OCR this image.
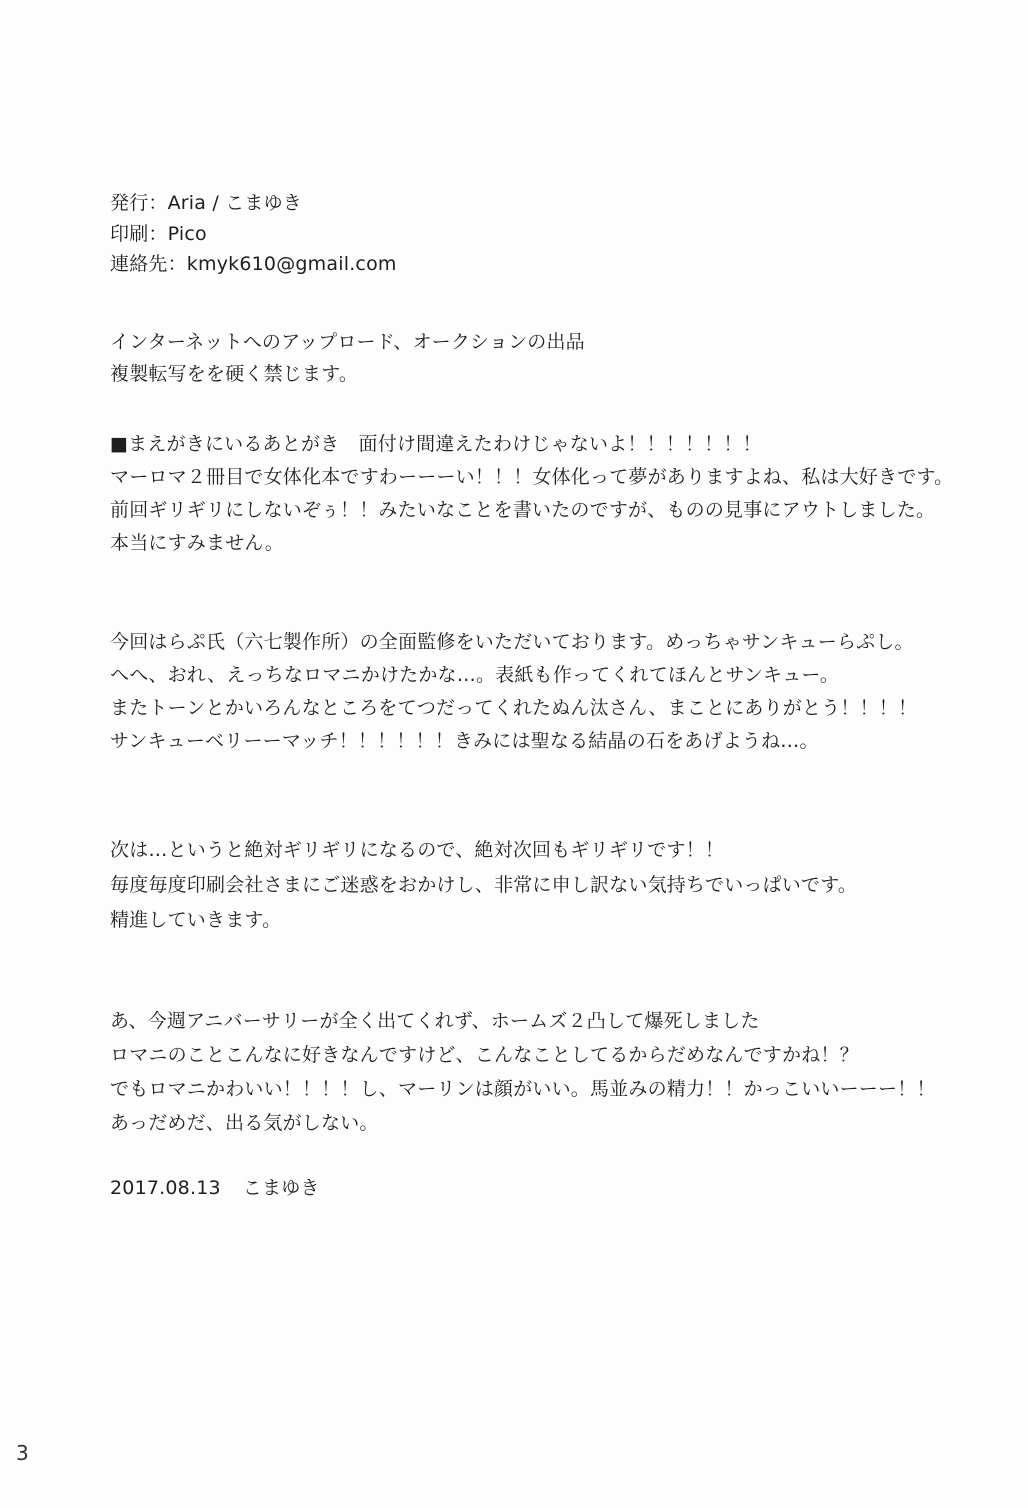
発行：Aria / こまゆき
印刷：Pico
連絡先：kmyk610@gmail.com
インターネットへのアップロード、オークションの出品
複製転写をを硬く禁じます。
■まえがきにいるあとがき　面付け間違えたわけじゃないよ！！！！！！！
マーロマ２冊目で女体化本ですわーーーい！！！女体化って夢がありますよね、私は大好きです。
前回ギリギリにしないぞぅ！！みたいなことを書いたのですが、ものの見事にアウトしました。
本当にすみません。
今回はらぷ氏（六七製作所）の全面監修をいただいております。めっちゃサンキューらぷし。
へへ、おれ、えっちなロマニかけたかな…。表紙も作ってくれてほんとサンキュー。
またトーンとかいろんなところをてつだってくれたぬん汰さん、まことにありがとう！！！！
サンキューベリーーマッチ！！！！！！きみには聖なる結晶の石をあげようね…。
次は…というと絶対ギリギリになるので、絶対次回もギリギリです！！
毎度毎度印刷会社さまにご迷惑をおかけし、非常に申し訳ない気持ちでいっぱいです。
精進していきます。
あ、今週アニバーサリーが全く出てくれず、ホームズ２凸して爆死しました
ロマニのことこんなに好きなんですけど、こんなことしてるからだめなんですかね！？
でもロマニかわいい！！！！し、マーリンは顔がいい。馬並みの精力！！かっこいいーーー！！
あっだめだ、出る気がしない。
2017.08.13 こまゆき
3
